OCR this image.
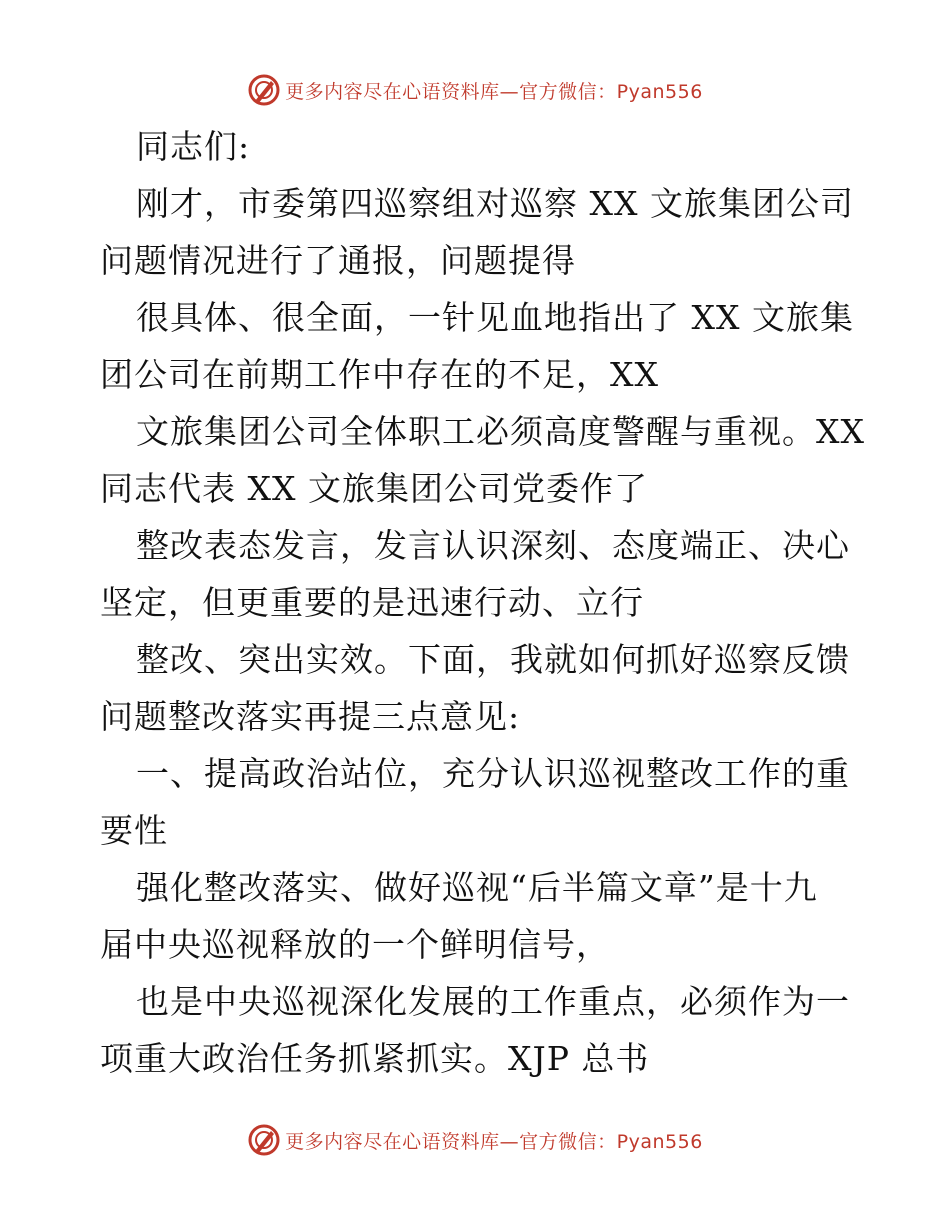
更多内容尽在心语资料库—官方微信：Pyan556
同志们:
刚才，市委第四巡察组对巡察 XX 文旅集团公司
问题情况进行了通报，问题提得
很具体、很全面，一针见血地指出了 XX 文旅集
团公司在前期工作中存在的不足，XX
文旅集团公司全体职工必须高度警醒与重视。XX
同志代表 XX 文旅集团公司党委作了
整改表态发言，发言认识深刻、态度端正、决心
坚定，但更重要的是迅速行动、立行
整改、突出实效。下面，我就如何抓好巡察反馈
问题整改落实再提三点意见:
一、提高政治站位，充分认识巡视整改工作的重
要性
强化整改落实、做好巡视“后半篇文章”是十九
届中央巡视释放的一个鲜明信号，
也是中央巡视深化发展的工作重点，必须作为一
项重大政治任务抓紧抓实。XJP 总书
更多内容尽在心语资料库—官方微信：Pyan556
